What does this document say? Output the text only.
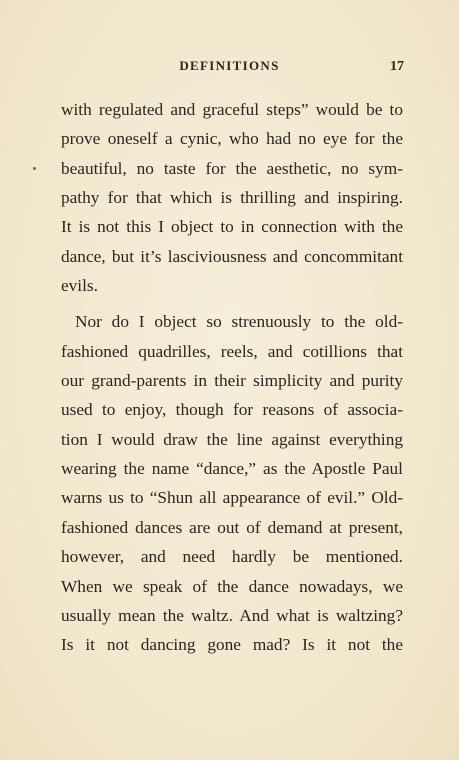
DEFINITIONS	17
with regulated and graceful steps” would be to
prove oneself a cynic, who had no eye for the
beautiful, no taste for the aesthetic, no sym-
pathy for that which is thrilling and inspiring.
It is not this I object to in connection with the
dance, but it’s lasciviousness and concommitant
evils.
Nor do I object so strenuously to the old-
fashioned quadrilles, reels, and cotillions that
our grand-parents in their simplicity and purity
used to enjoy, though for reasons of associa-
tion I would draw the line against everything
wearing the name “dance,” as the Apostle Paul
warns us to “Shun all appearance of evil.” Old-
fashioned dances are out of demand at present,
however, and need hardly be mentioned.
When we speak of the dance nowadays, we
usually mean the waltz. And what is waltzing?
Is it not dancing gone mad? Is it not the
